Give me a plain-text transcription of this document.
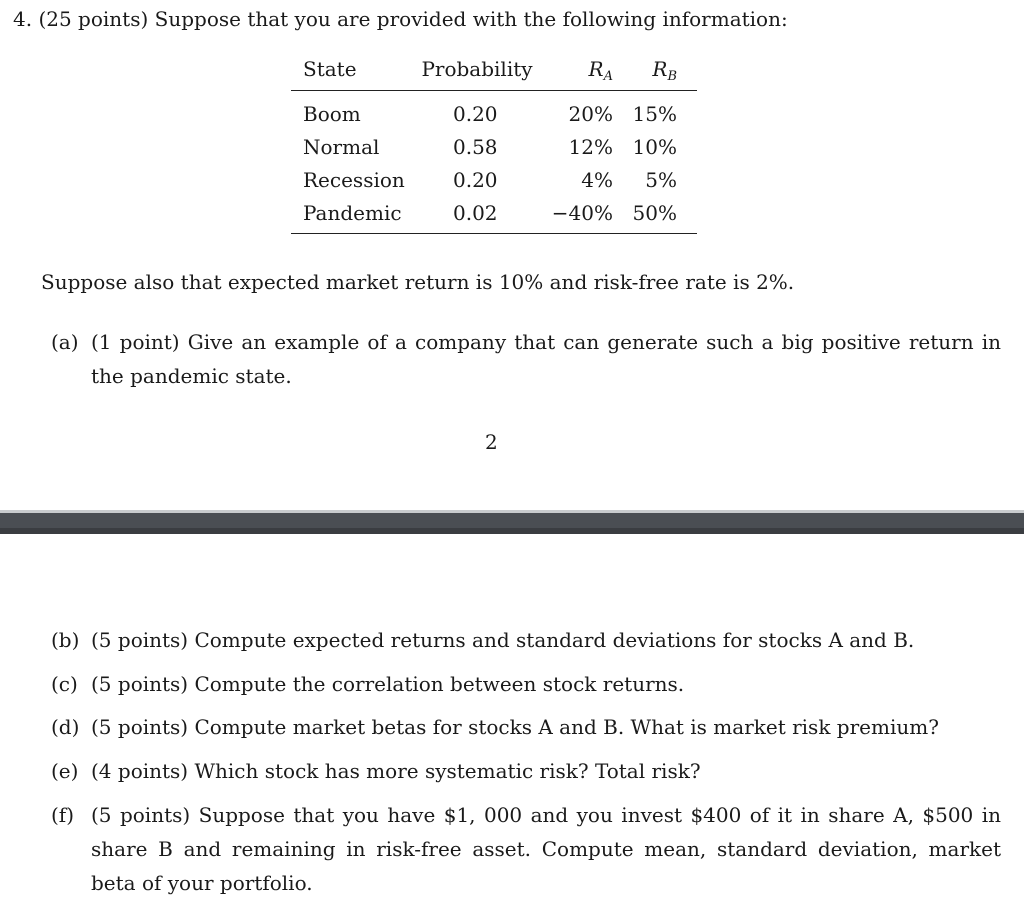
4. (25 points) Suppose that you are provided with the following information:
State	Probability	$R_A$	$R_B$
Boom	0.20	20% 15%
Normal	0.58	12% 10%
Recession 0.20	4%	5%
Pandemic	0.02	−40% 50%
Suppose also that expected market return is 10% and risk-free rate is 2%.
(a) (1 point) Give an example of a company that can generate such a big positive return in the pandemic state.
2
(b) (5 points) Compute expected returns and standard deviations for stocks A and B.
(c) (5 points) Compute the correlation between stock returns.
(d) (5 points) Compute market betas for stocks A and B. What is market risk premium?
(e) (4 points) Which stock has more systematic risk? Total risk?
(f) (5 points) Suppose that you have $1, 000 and you invest $400 of it in share A, $500 in share B and remaining in risk-free asset. Compute mean, standard deviation, market beta of your portfolio.
